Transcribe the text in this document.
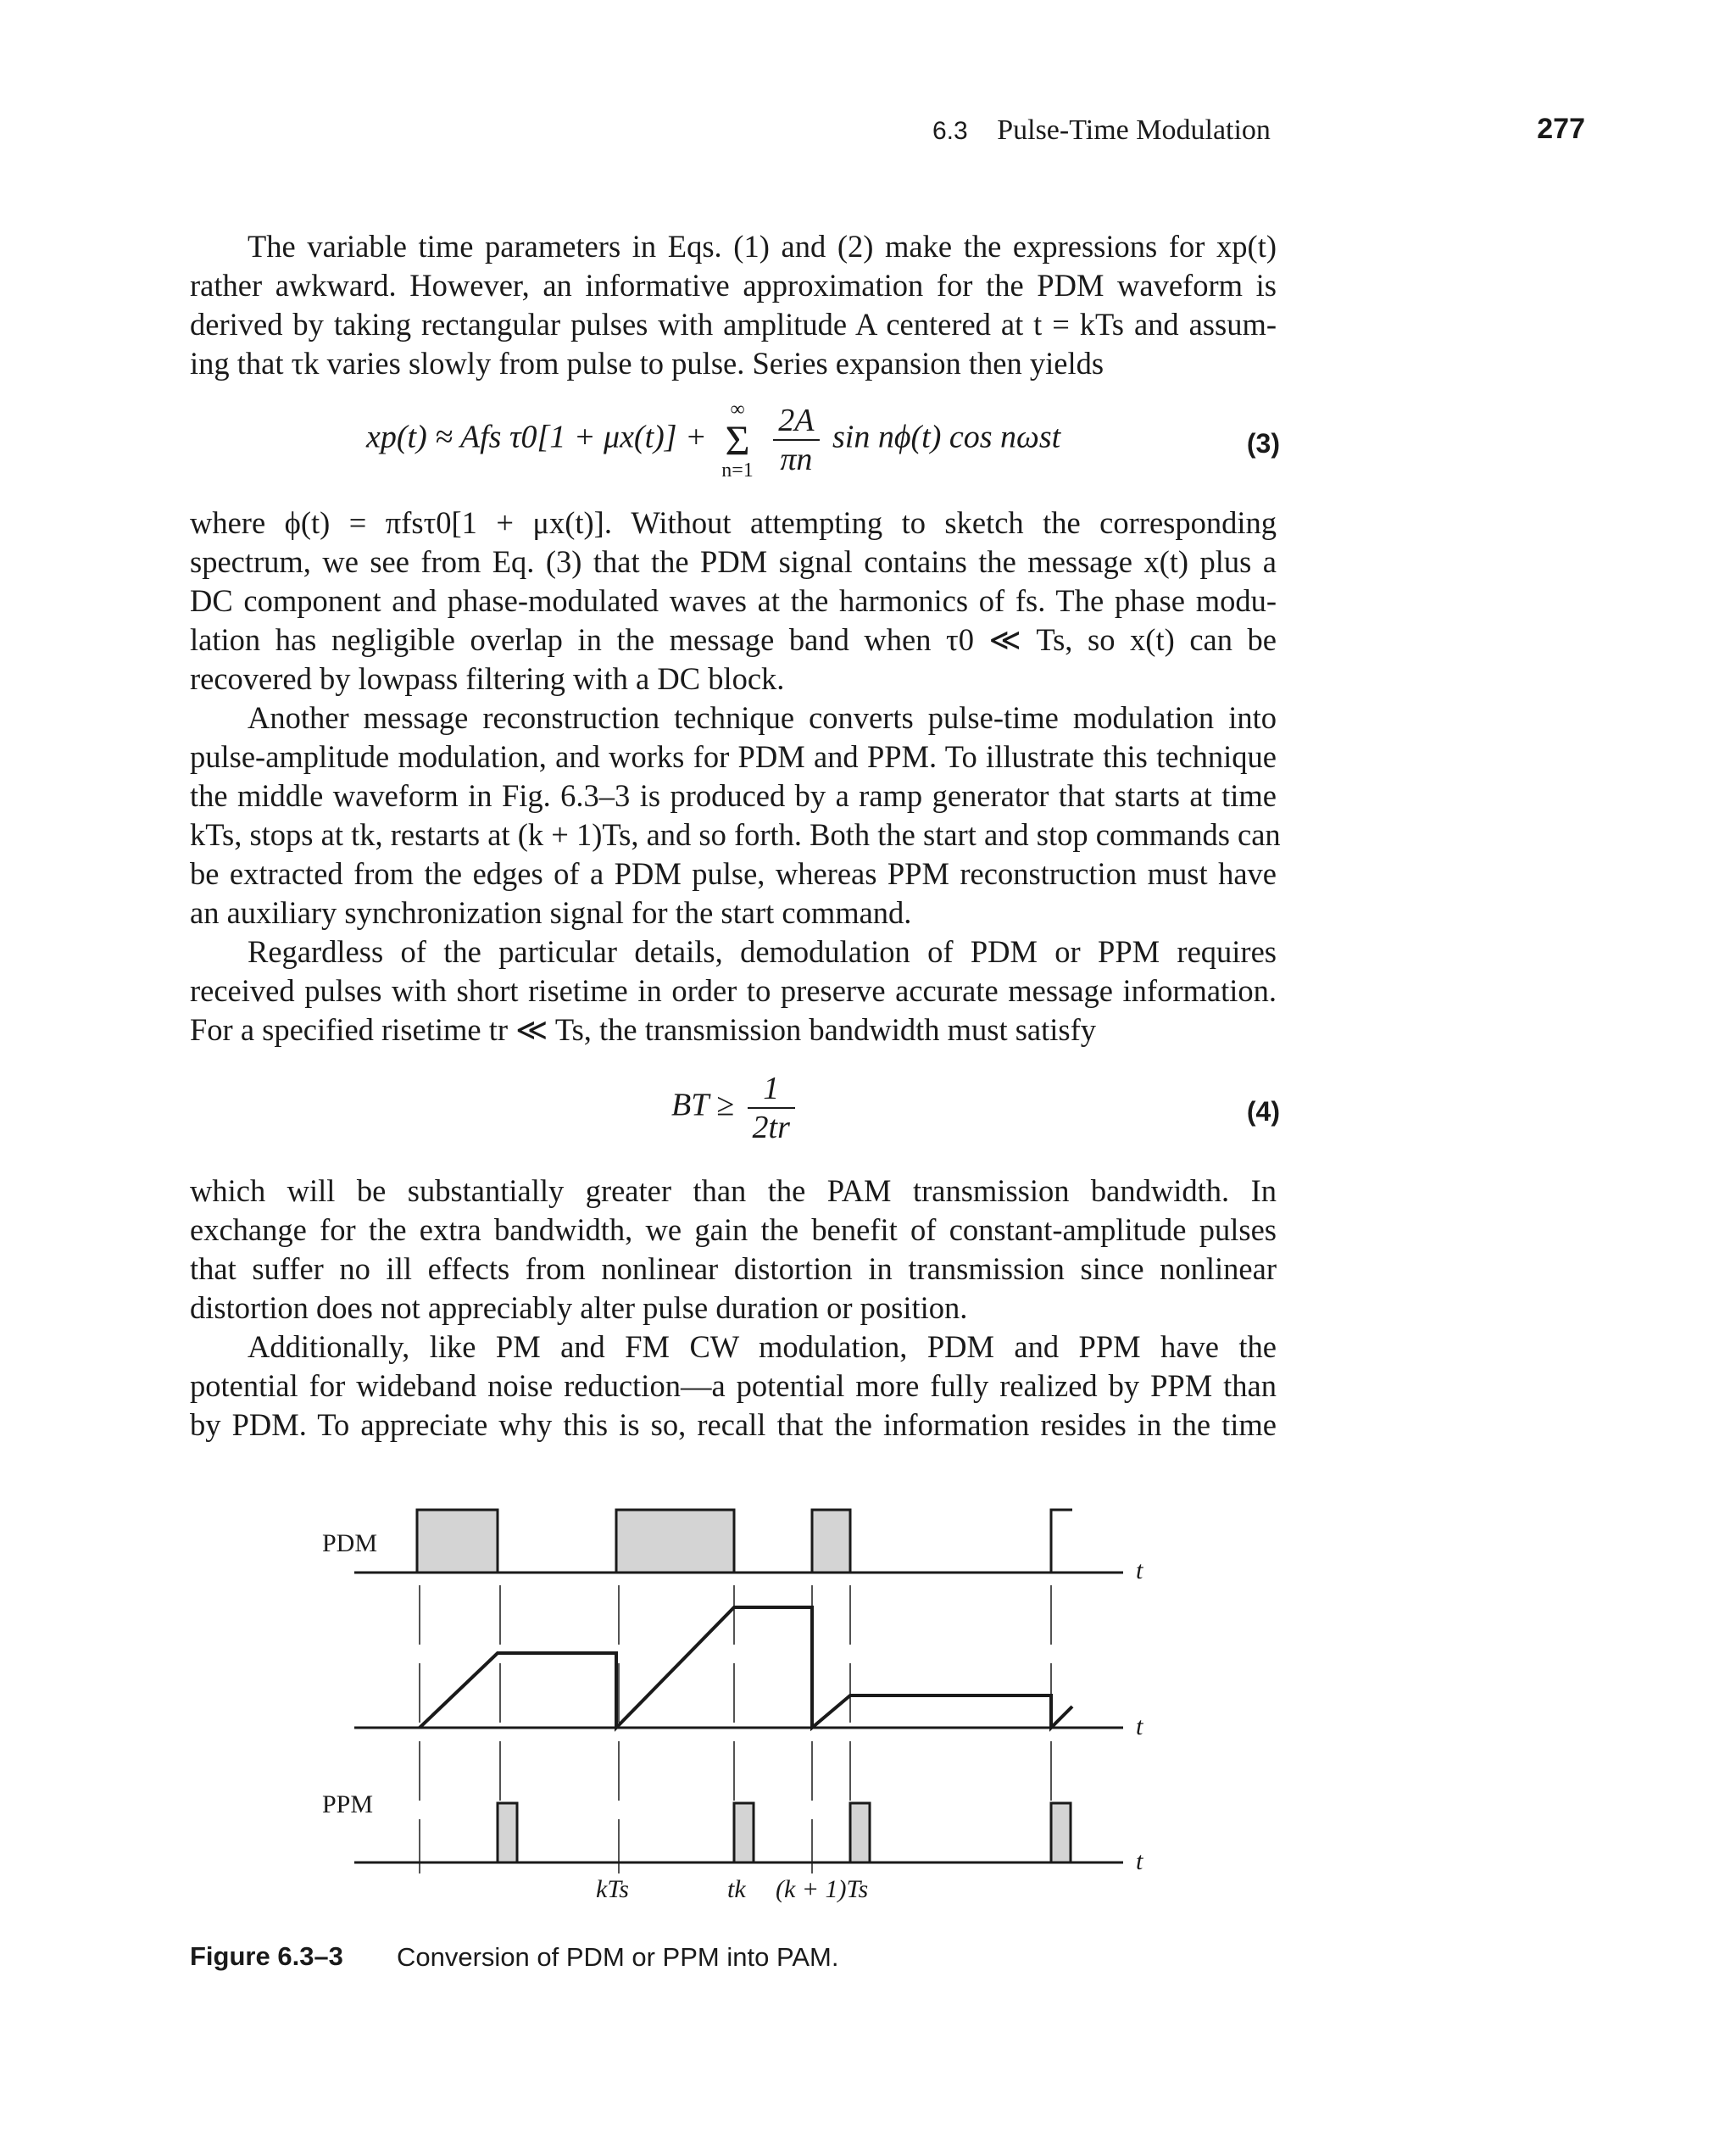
6.3 Pulse-Time Modulation	277
The variable time parameters in Eqs. (1) and (2) make the expressions for xp(t)
rather awkward. However, an informative approximation for the PDM waveform is
derived by taking rectangular pulses with amplitude A centered at t = kTs and assum-
ing that τk varies slowly from pulse to pulse. Series expansion then yields
xp(t) ≈ Afs τ0[1 + μx(t)] +
∞
Σ
n=1
$\frac{2A}{\pi n}$ sin nϕ(t) cos nωst	(3)
where ϕ(t) = πfsτ0[1 + μx(t)]. Without attempting to sketch the corresponding
spectrum, we see from Eq. (3) that the PDM signal contains the message x(t) plus a
DC component and phase-modulated waves at the harmonics of fs. The phase modu-
lation has negligible overlap in the message band when τ0 ≪ Ts, so x(t) can be
recovered by lowpass filtering with a DC block.
Another message reconstruction technique converts pulse-time modulation into
pulse-amplitude modulation, and works for PDM and PPM. To illustrate this technique
the middle waveform in Fig. 6.3–3 is produced by a ramp generator that starts at time
kTs, stops at tk, restarts at (k + 1)Ts, and so forth. Both the start and stop commands can
be extracted from the edges of a PDM pulse, whereas PPM reconstruction must have
an auxiliary synchronization signal for the start command.
Regardless of the particular details, demodulation of PDM or PPM requires
received pulses with short risetime in order to preserve accurate message information.
For a specified risetime tr ≪ Ts, the transmission bandwidth must satisfy
BT ≥ $\frac{1}{2tr}$	(4)
which will be substantially greater than the PAM transmission bandwidth. In
exchange for the extra bandwidth, we gain the benefit of constant-amplitude pulses
that suffer no ill effects from nonlinear distortion in transmission since nonlinear
distortion does not appreciably alter pulse duration or position.
Additionally, like PM and FM CW modulation, PDM and PPM have the
potential for wideband noise reduction—a potential more fully realized by PPM than
by PDM. To appreciate why this is so, recall that the information resides in the time
PDM
PPM
t
t
t
kTs	tk (k + 1)Ts
Figure 6.3–3 Conversion of PDM or PPM into PAM.
